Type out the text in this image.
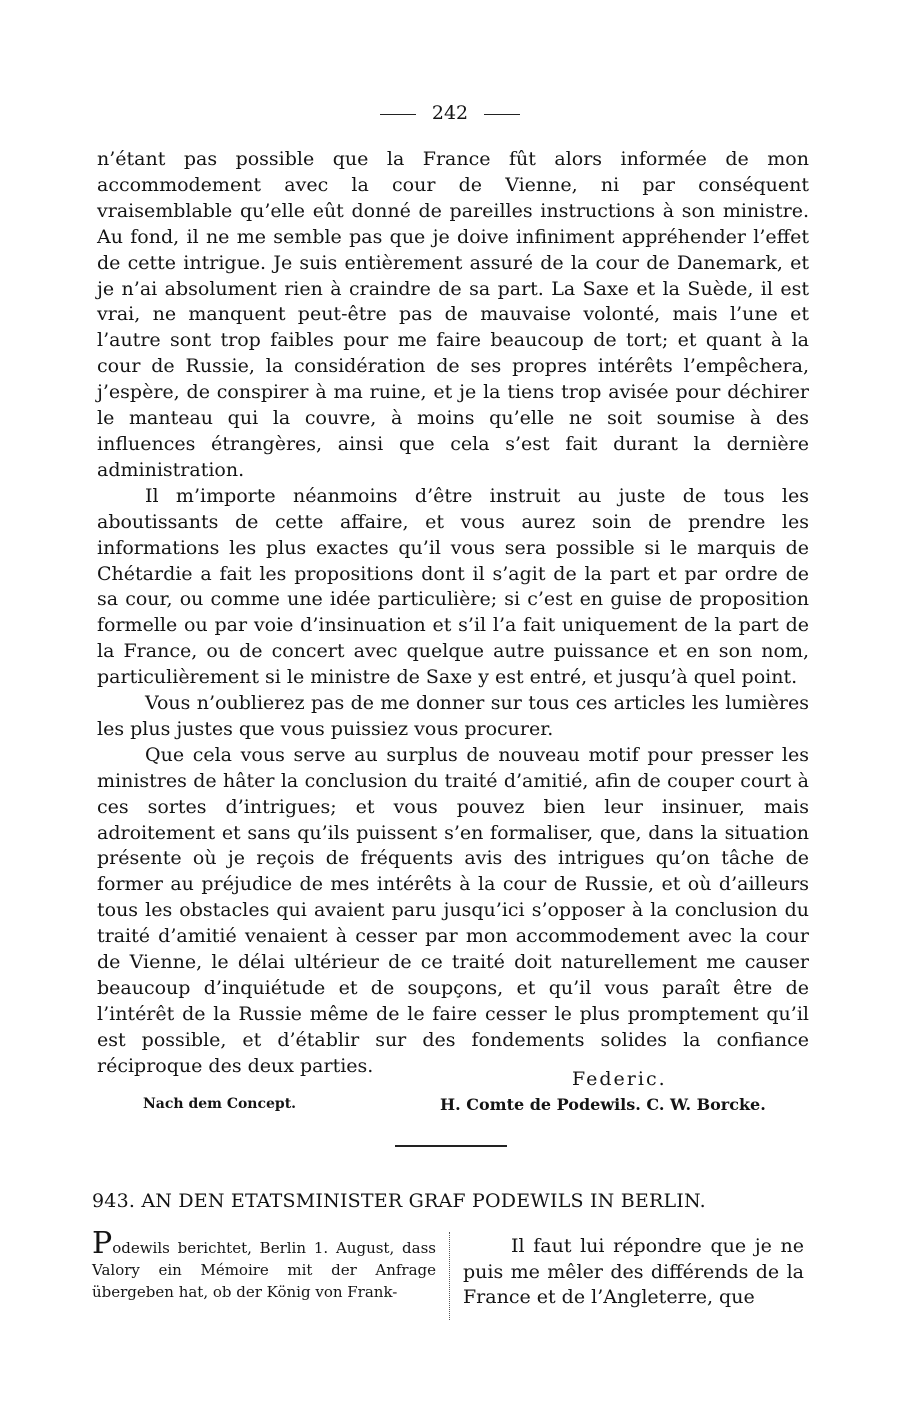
242

n’étant pas possible que la France fût alors informée de mon accommodement avec la cour de Vienne, ni par conséquent vraisemblable qu’elle eût donné de pareilles instructions à son ministre. Au fond, il ne me semble pas que je doive infiniment appréhender l’effet de cette intrigue. Je suis entièrement assuré de la cour de Danemark, et je n’ai absolument rien à craindre de sa part. La Saxe et la Suède, il est vrai, ne manquent peut-être pas de mauvaise volonté, mais l’une et l’autre sont trop faibles pour me faire beaucoup de tort; et quant à la cour de Russie, la considération de ses propres intérêts l’empêchera, j’espère, de conspirer à ma ruine, et je la tiens trop avisée pour déchirer le manteau qui la couvre, à moins qu’elle ne soit soumise à des influences étrangères, ainsi que cela s’est fait durant la dernière administration.

Il m’importe néanmoins d’être instruit au juste de tous les aboutissants de cette affaire, et vous aurez soin de prendre les informations les plus exactes qu’il vous sera possible si le marquis de Chétardie a fait les propositions dont il s’agit de la part et par ordre de sa cour, ou comme une idée particulière; si c’est en guise de proposition formelle ou par voie d’insinuation et s’il l’a fait uniquement de la part de la France, ou de concert avec quelque autre puissance et en son nom, particulièrement si le ministre de Saxe y est entré, et jusqu’à quel point.

Vous n’oublierez pas de me donner sur tous ces articles les lumières les plus justes que vous puissiez vous procurer.

Que cela vous serve au surplus de nouveau motif pour presser les ministres de hâter la conclusion du traité d’amitié, afin de couper court à ces sortes d’intrigues; et vous pouvez bien leur insinuer, mais adroitement et sans qu’ils puissent s’en formaliser, que, dans la situation présente où je reçois de fréquents avis des intrigues qu’on tâche de former au préjudice de mes intérêts à la cour de Russie, et où d’ailleurs tous les obstacles qui avaient paru jusqu’ici s’opposer à la conclusion du traité d’amitié venaient à cesser par mon accommodement avec la cour de Vienne, le délai ultérieur de ce traité doit naturellement me causer beaucoup d’inquiétude et de soupçons, et qu’il vous paraît être de l’intérêt de la Russie même de le faire cesser le plus promptement qu’il est possible, et d’établir sur des fondements solides la confiance réciproque des deux parties.

Federic.
Nach dem Concept.	H. Comte de Podewils. C. W. Borcke.
943. AN DEN ETATSMINISTER GRAF PODEWILS IN BERLIN.
Podewils berichtet, Berlin 1. August, dass Valory ein Mémoire mit der Anfrage übergeben hat, ob der König von Frank-
Il faut lui répondre que je ne puis me mêler des différends de la France et de l’Angleterre, que
